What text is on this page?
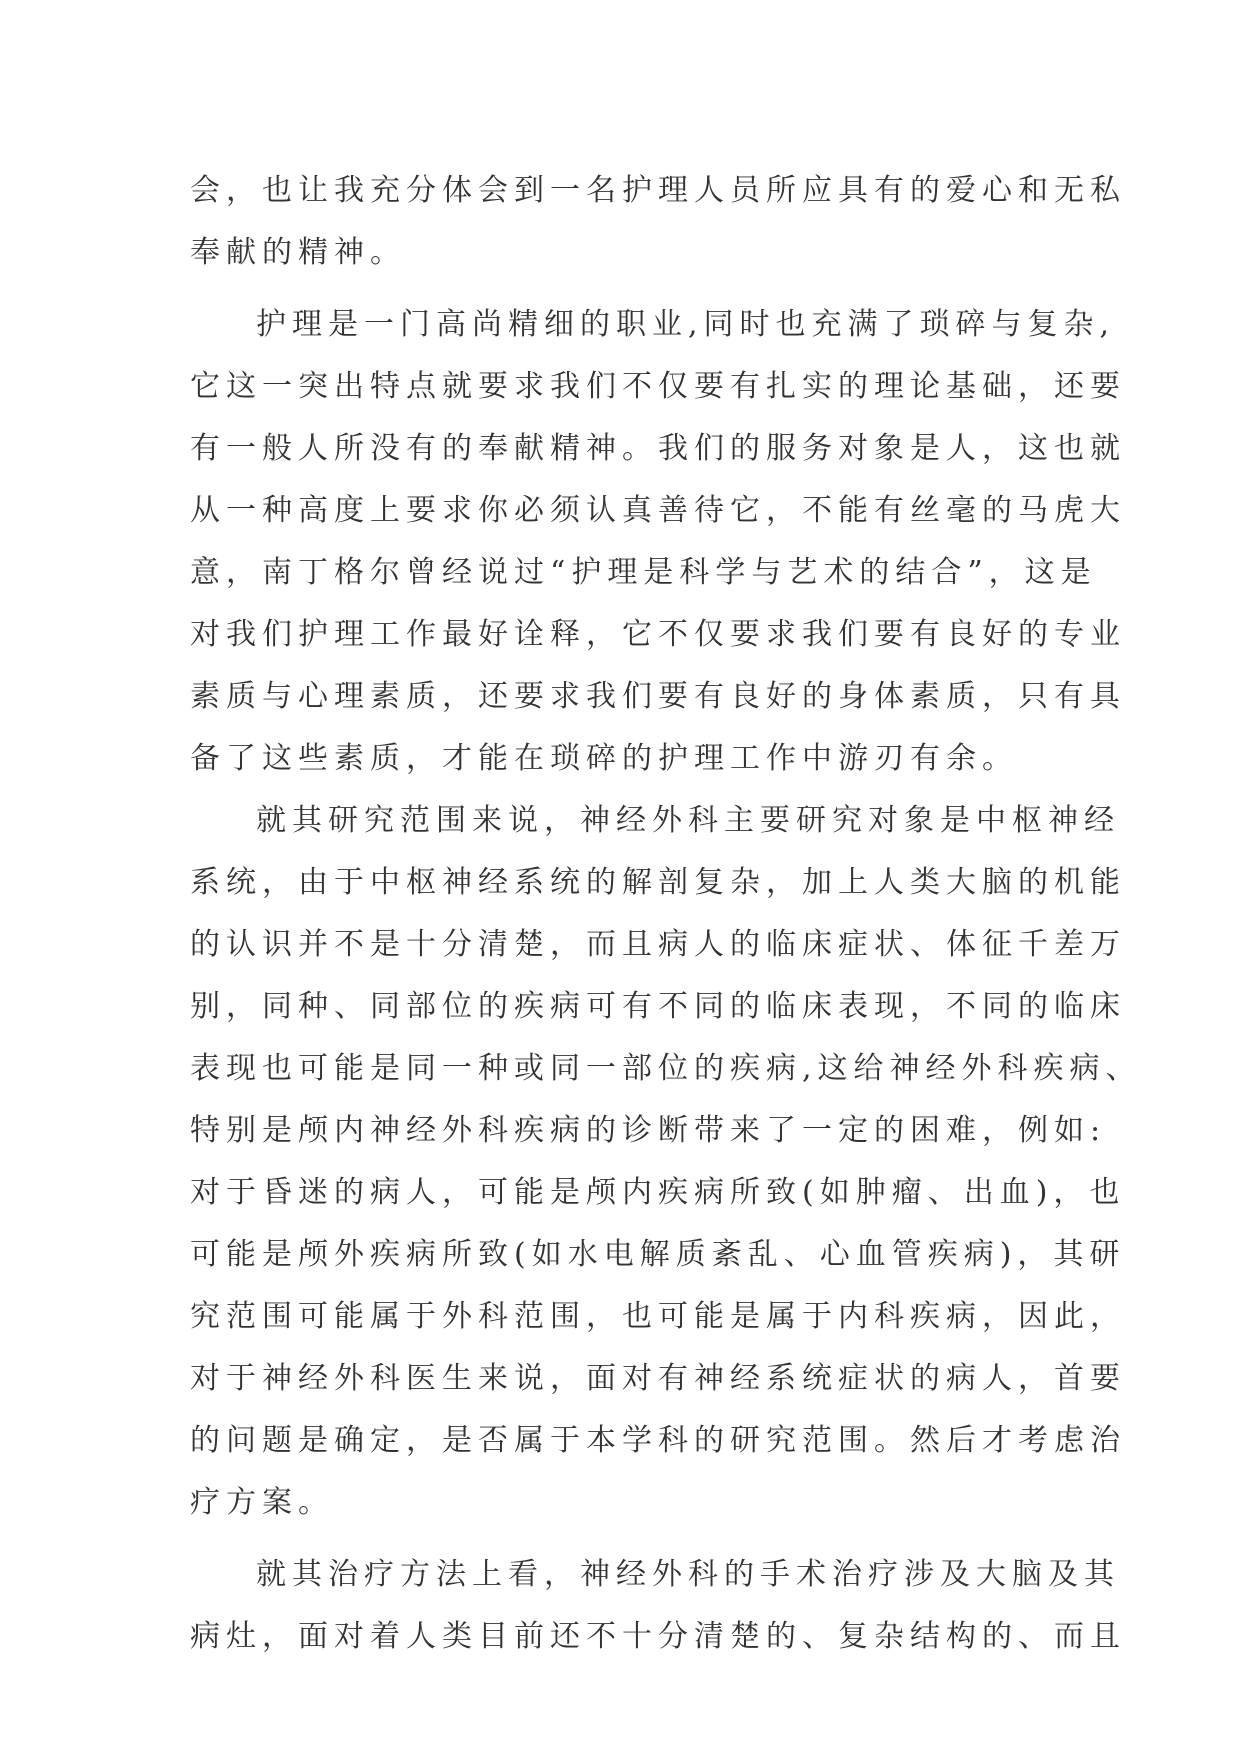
会，也让我充分体会到一名护理人员所应具有的爱心和无私
奉献的精神。
护理是一门高尚精细的职业,同时也充满了琐碎与复杂,
它这一突出特点就要求我们不仅要有扎实的理论基础，还要
有一般人所没有的奉献精神。我们的服务对象是人，这也就
从一种高度上要求你必须认真善待它，不能有丝毫的马虎大
意，南丁格尔曾经说过“护理是科学与艺术的结合”，这是
对我们护理工作最好诠释，它不仅要求我们要有良好的专业
素质与心理素质，还要求我们要有良好的身体素质，只有具
备了这些素质，才能在琐碎的护理工作中游刃有余。
就其研究范围来说，神经外科主要研究对象是中枢神经
系统，由于中枢神经系统的解剖复杂，加上人类大脑的机能
的认识并不是十分清楚，而且病人的临床症状、体征千差万
别，同种、同部位的疾病可有不同的临床表现，不同的临床
表现也可能是同一种或同一部位的疾病,这给神经外科疾病、
特别是颅内神经外科疾病的诊断带来了一定的困难，例如:
对于昏迷的病人，可能是颅内疾病所致(如肿瘤、出血)，也
可能是颅外疾病所致(如水电解质紊乱、心血管疾病)，其研
究范围可能属于外科范围，也可能是属于内科疾病，因此，
对于神经外科医生来说，面对有神经系统症状的病人，首要
的问题是确定，是否属于本学科的研究范围。然后才考虑治
疗方案。
就其治疗方法上看，神经外科的手术治疗涉及大脑及其
病灶，面对着人类目前还不十分清楚的、复杂结构的、而且
